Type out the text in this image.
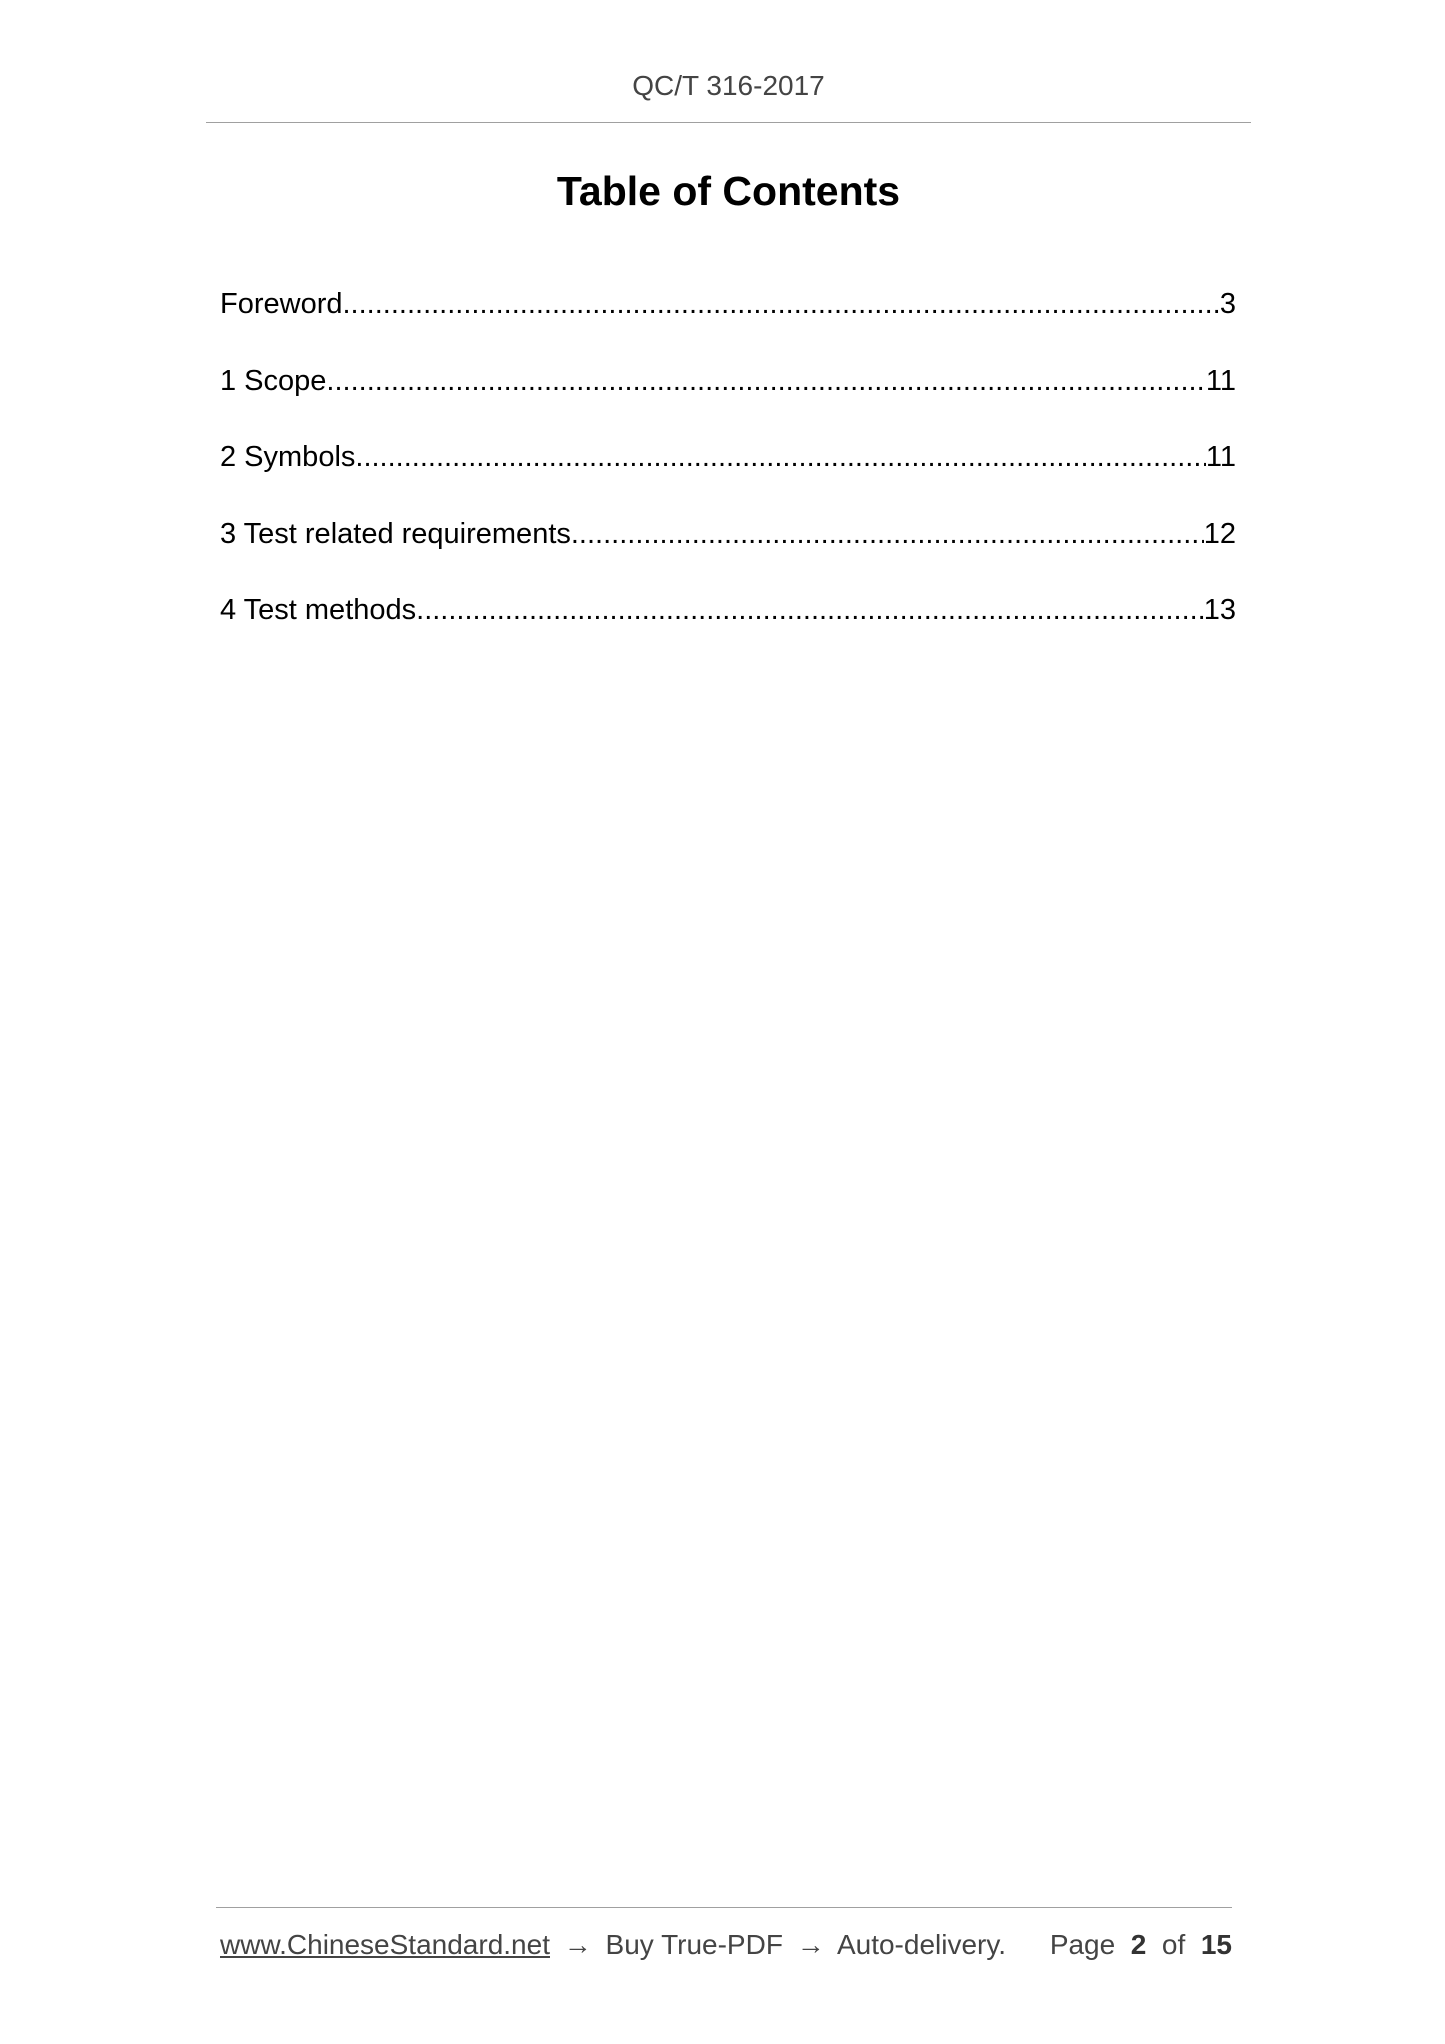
QC/T 316-2017
Table of Contents
Foreword .....	3
1 Scope .....	11
2 Symbols .....	11
3 Test related requirements .....	12
4 Test methods .....	13
www.ChineseStandard.net → Buy True-PDF → Auto-delivery. Page 2 of 15
